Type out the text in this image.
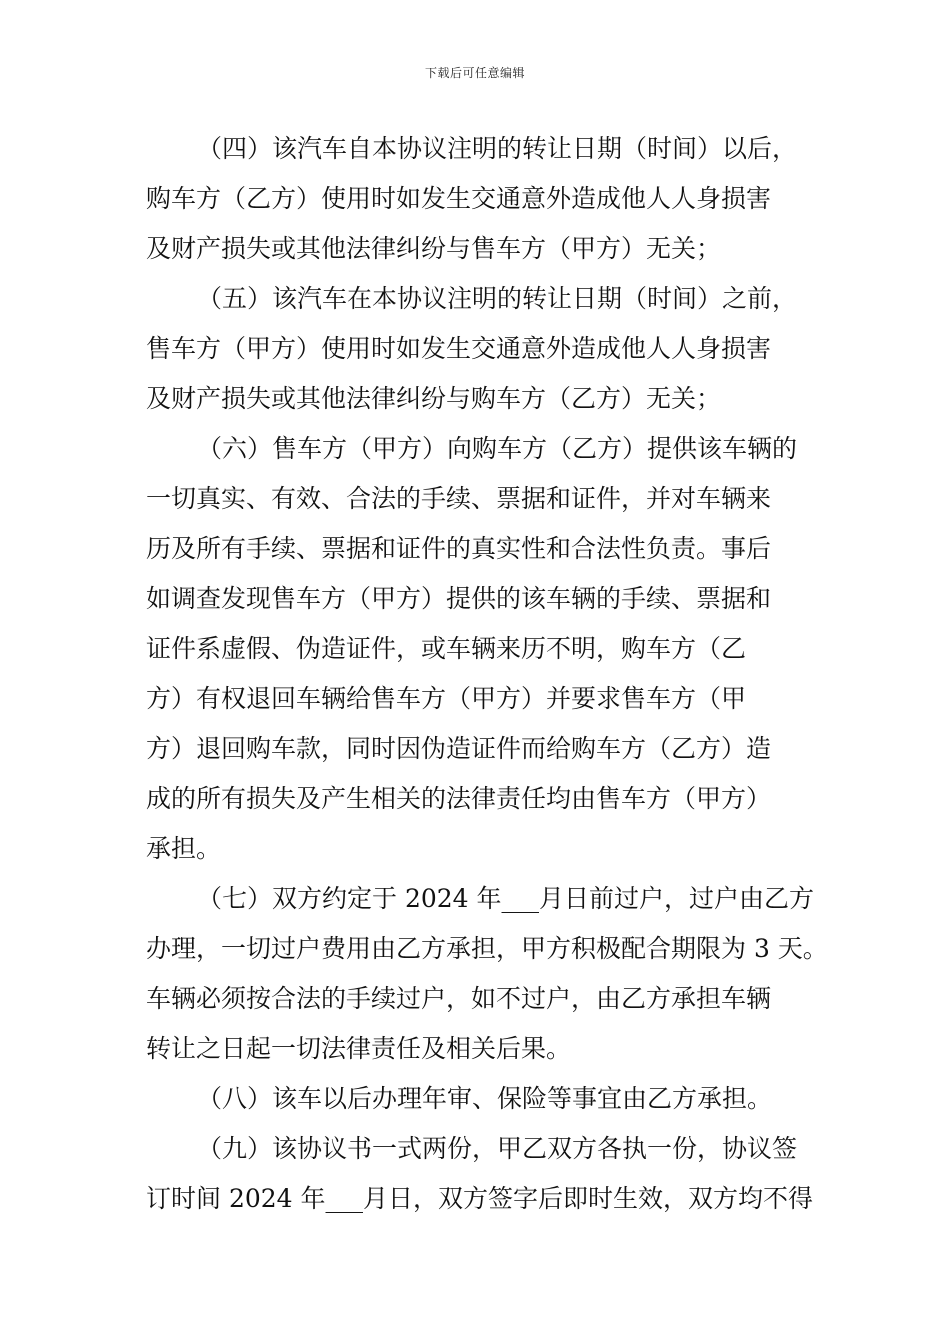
下载后可任意编辑
（四）该汽车自本协议注明的转让日期（时间）以后，
购车方（乙方）使用时如发生交通意外造成他人人身损害
及财产损失或其他法律纠纷与售车方（甲方）无关；
（五）该汽车在本协议注明的转让日期（时间）之前，
售车方（甲方）使用时如发生交通意外造成他人人身损害
及财产损失或其他法律纠纷与购车方（乙方）无关；
（六）售车方（甲方）向购车方（乙方）提供该车辆的
一切真实、有效、合法的手续、票据和证件，并对车辆来
历及所有手续、票据和证件的真实性和合法性负责。事后
如调查发现售车方（甲方）提供的该车辆的手续、票据和
证件系虚假、伪造证件，或车辆来历不明，购车方（乙
方）有权退回车辆给售车方（甲方）并要求售车方（甲
方）退回购车款，同时因伪造证件而给购车方（乙方）造
成的所有损失及产生相关的法律责任均由售车方（甲方）
承担。
（七）双方约定于 2024 年___月日前过户，过户由乙方
办理，一切过户费用由乙方承担，甲方积极配合期限为 3 天。
车辆必须按合法的手续过户，如不过户，由乙方承担车辆
转让之日起一切法律责任及相关后果。
（八）该车以后办理年审、保险等事宜由乙方承担。
（九）该协议书一式两份，甲乙双方各执一份，协议签
订时间 2024 年___月日，双方签字后即时生效，双方均不得
